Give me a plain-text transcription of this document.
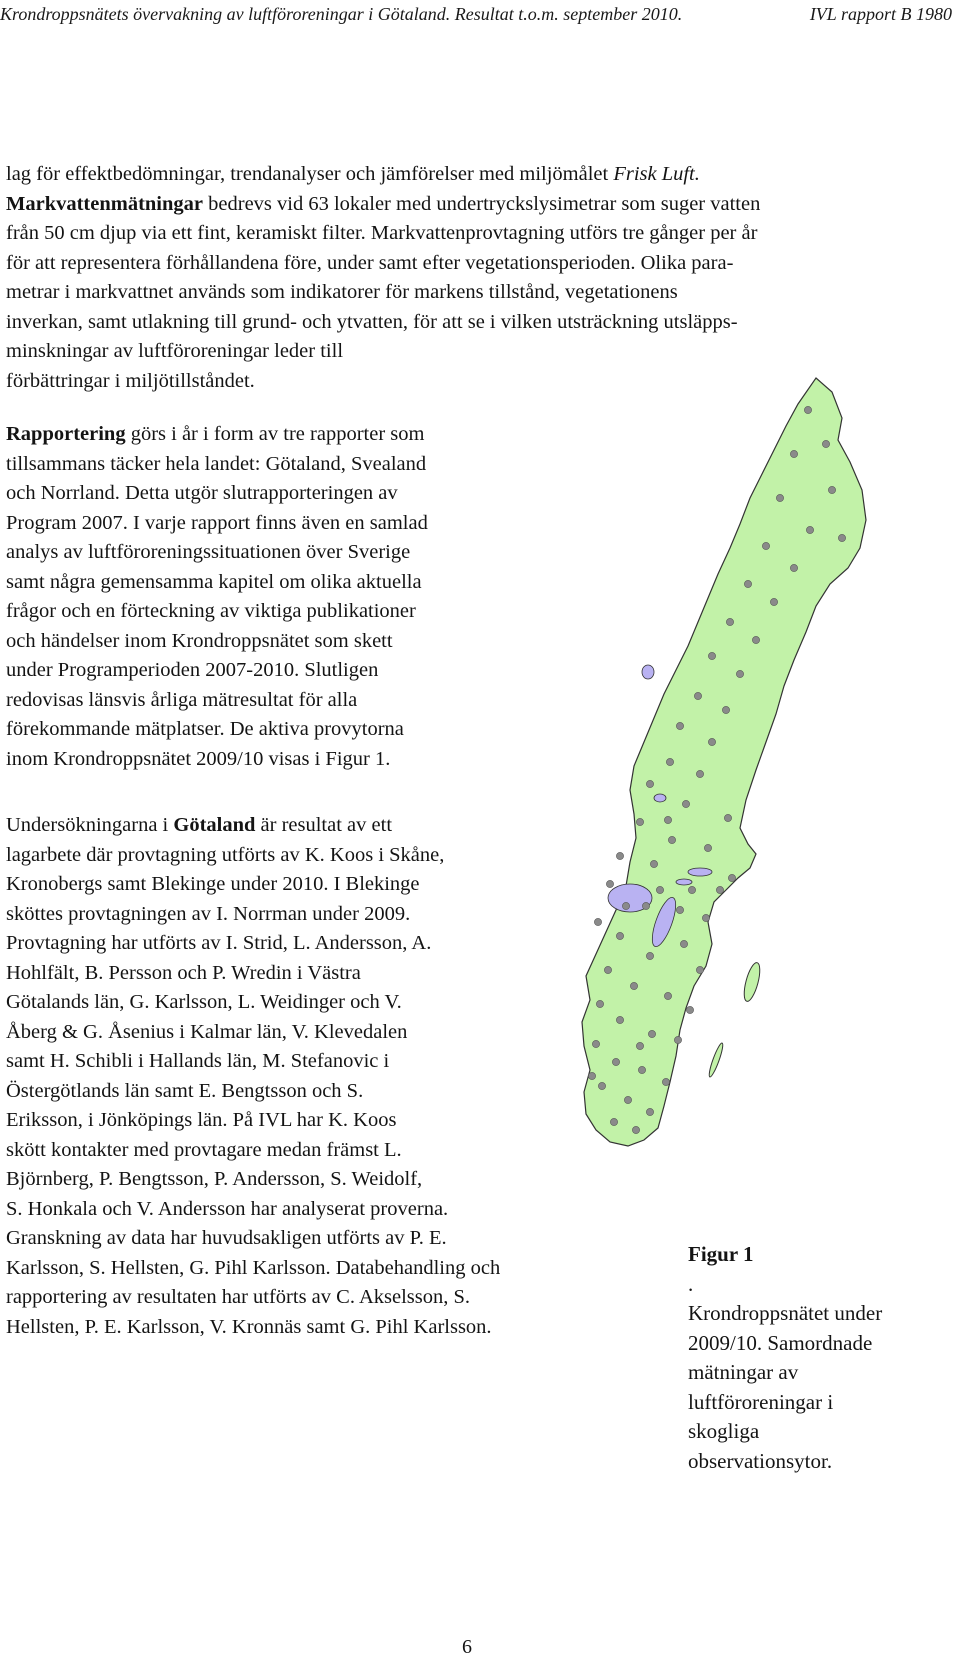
Krondroppsnätets övervakning av luftföroreningar i Götaland. Resultat t.o.m. september 2010.	IVL rapport B 1980
lag för effektbedömningar, trendanalyser och jämförelser med miljömålet Frisk Luft.
Markvattenmätningar bedrevs vid 63 lokaler med undertryckslysimetrar som suger vatten
från 50 cm djup via ett fint, keramiskt filter. Markvattenprovtagning utförs tre gånger per år
för att representera förhållandena före, under samt efter vegetationsperioden. Olika para-
metrar i markvattnet används som indikatorer för markens tillstånd, vegetationens
inverkan, samt utlakning till grund- och ytvatten, för att se i vilken utsträckning utsläpps-
minskningar av luftföroreningar leder till
förbättringar i miljötillståndet.
Rapportering görs i år i form av tre rapporter som
tillsammans täcker hela landet: Götaland, Svealand
och Norrland. Detta utgör slutrapporteringen av
Program 2007. I varje rapport finns även en samlad
analys av luftföroreningssituationen över Sverige
samt några gemensamma kapitel om olika aktuella
frågor och en förteckning av viktiga publikationer
och händelser inom Krondroppsnätet som skett
under Programperioden 2007-2010. Slutligen
redovisas länsvis årliga mätresultat för alla
förekommande mätplatser. De aktiva provytorna
inom Krondroppsnätet 2009/10 visas i Figur 1.
Undersökningarna i Götaland är resultat av ett
lagarbete där provtagning utförts av K. Koos i Skåne,
Kronobergs samt Blekinge under 2010. I Blekinge
sköttes provtagningen av I. Norrman under 2009.
Provtagning har utförts av I. Strid, L. Andersson, A.
Hohlfält, B. Persson och P. Wredin i Västra
Götalands län, G. Karlsson, L. Weidinger och V.
Åberg & G. Åsenius i Kalmar län, V. Klevedalen
samt H. Schibli i Hallands län, M. Stefanovic i
Östergötlands län samt E. Bengtsson och S.
Eriksson, i Jönköpings län. På IVL har K. Koos
skött kontakter med provtagare medan främst L.
Björnberg, P. Bengtsson, P. Andersson, S. Weidolf,
S. Honkala och V. Andersson har analyserat proverna.
Granskning av data har huvudsakligen utförts av P. E.
Karlsson, S. Hellsten, G. Pihl Karlsson. Databehandling och
rapportering av resultaten har utförts av C. Akselsson, S.
Hellsten, P. E. Karlsson, V. Kronnäs samt G. Pihl Karlsson.
Figur 1
.
Krondroppsnätet under
2009/10. Samordnade
mätningar av
luftföroreningar i
skogliga
observationsytor.
6
